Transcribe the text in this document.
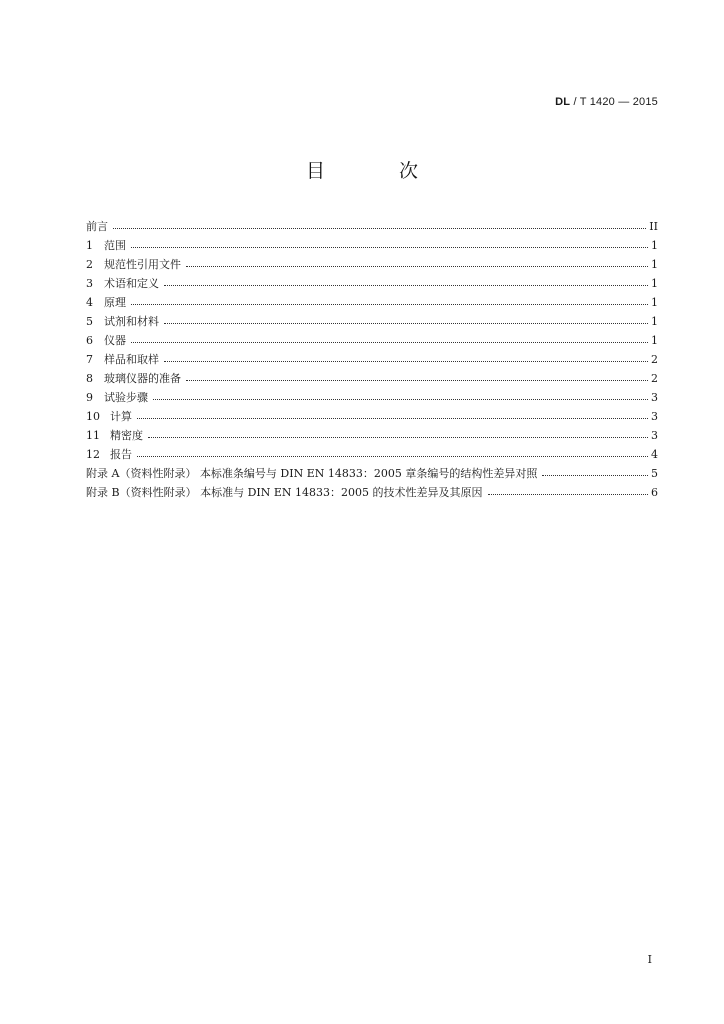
DL / T 1420 — 2015
目 次
前言	II
1	范围	1
2	规范性引用文件	1
3	术语和定义	1
4	原理	1
5	试剂和材料	1
6	仪器	1
7	样品和取样	2
8	玻璃仪器的准备	2
9	试验步骤	3
10 计算	3
11 精密度	3
12 报告	4
附录 A（资料性附录） 本标准条编号与 DIN EN 14833：2005 章条编号的结构性差异对照	5
附录 B（资料性附录） 本标准与 DIN EN 14833：2005 的技术性差异及其原因	6
I
